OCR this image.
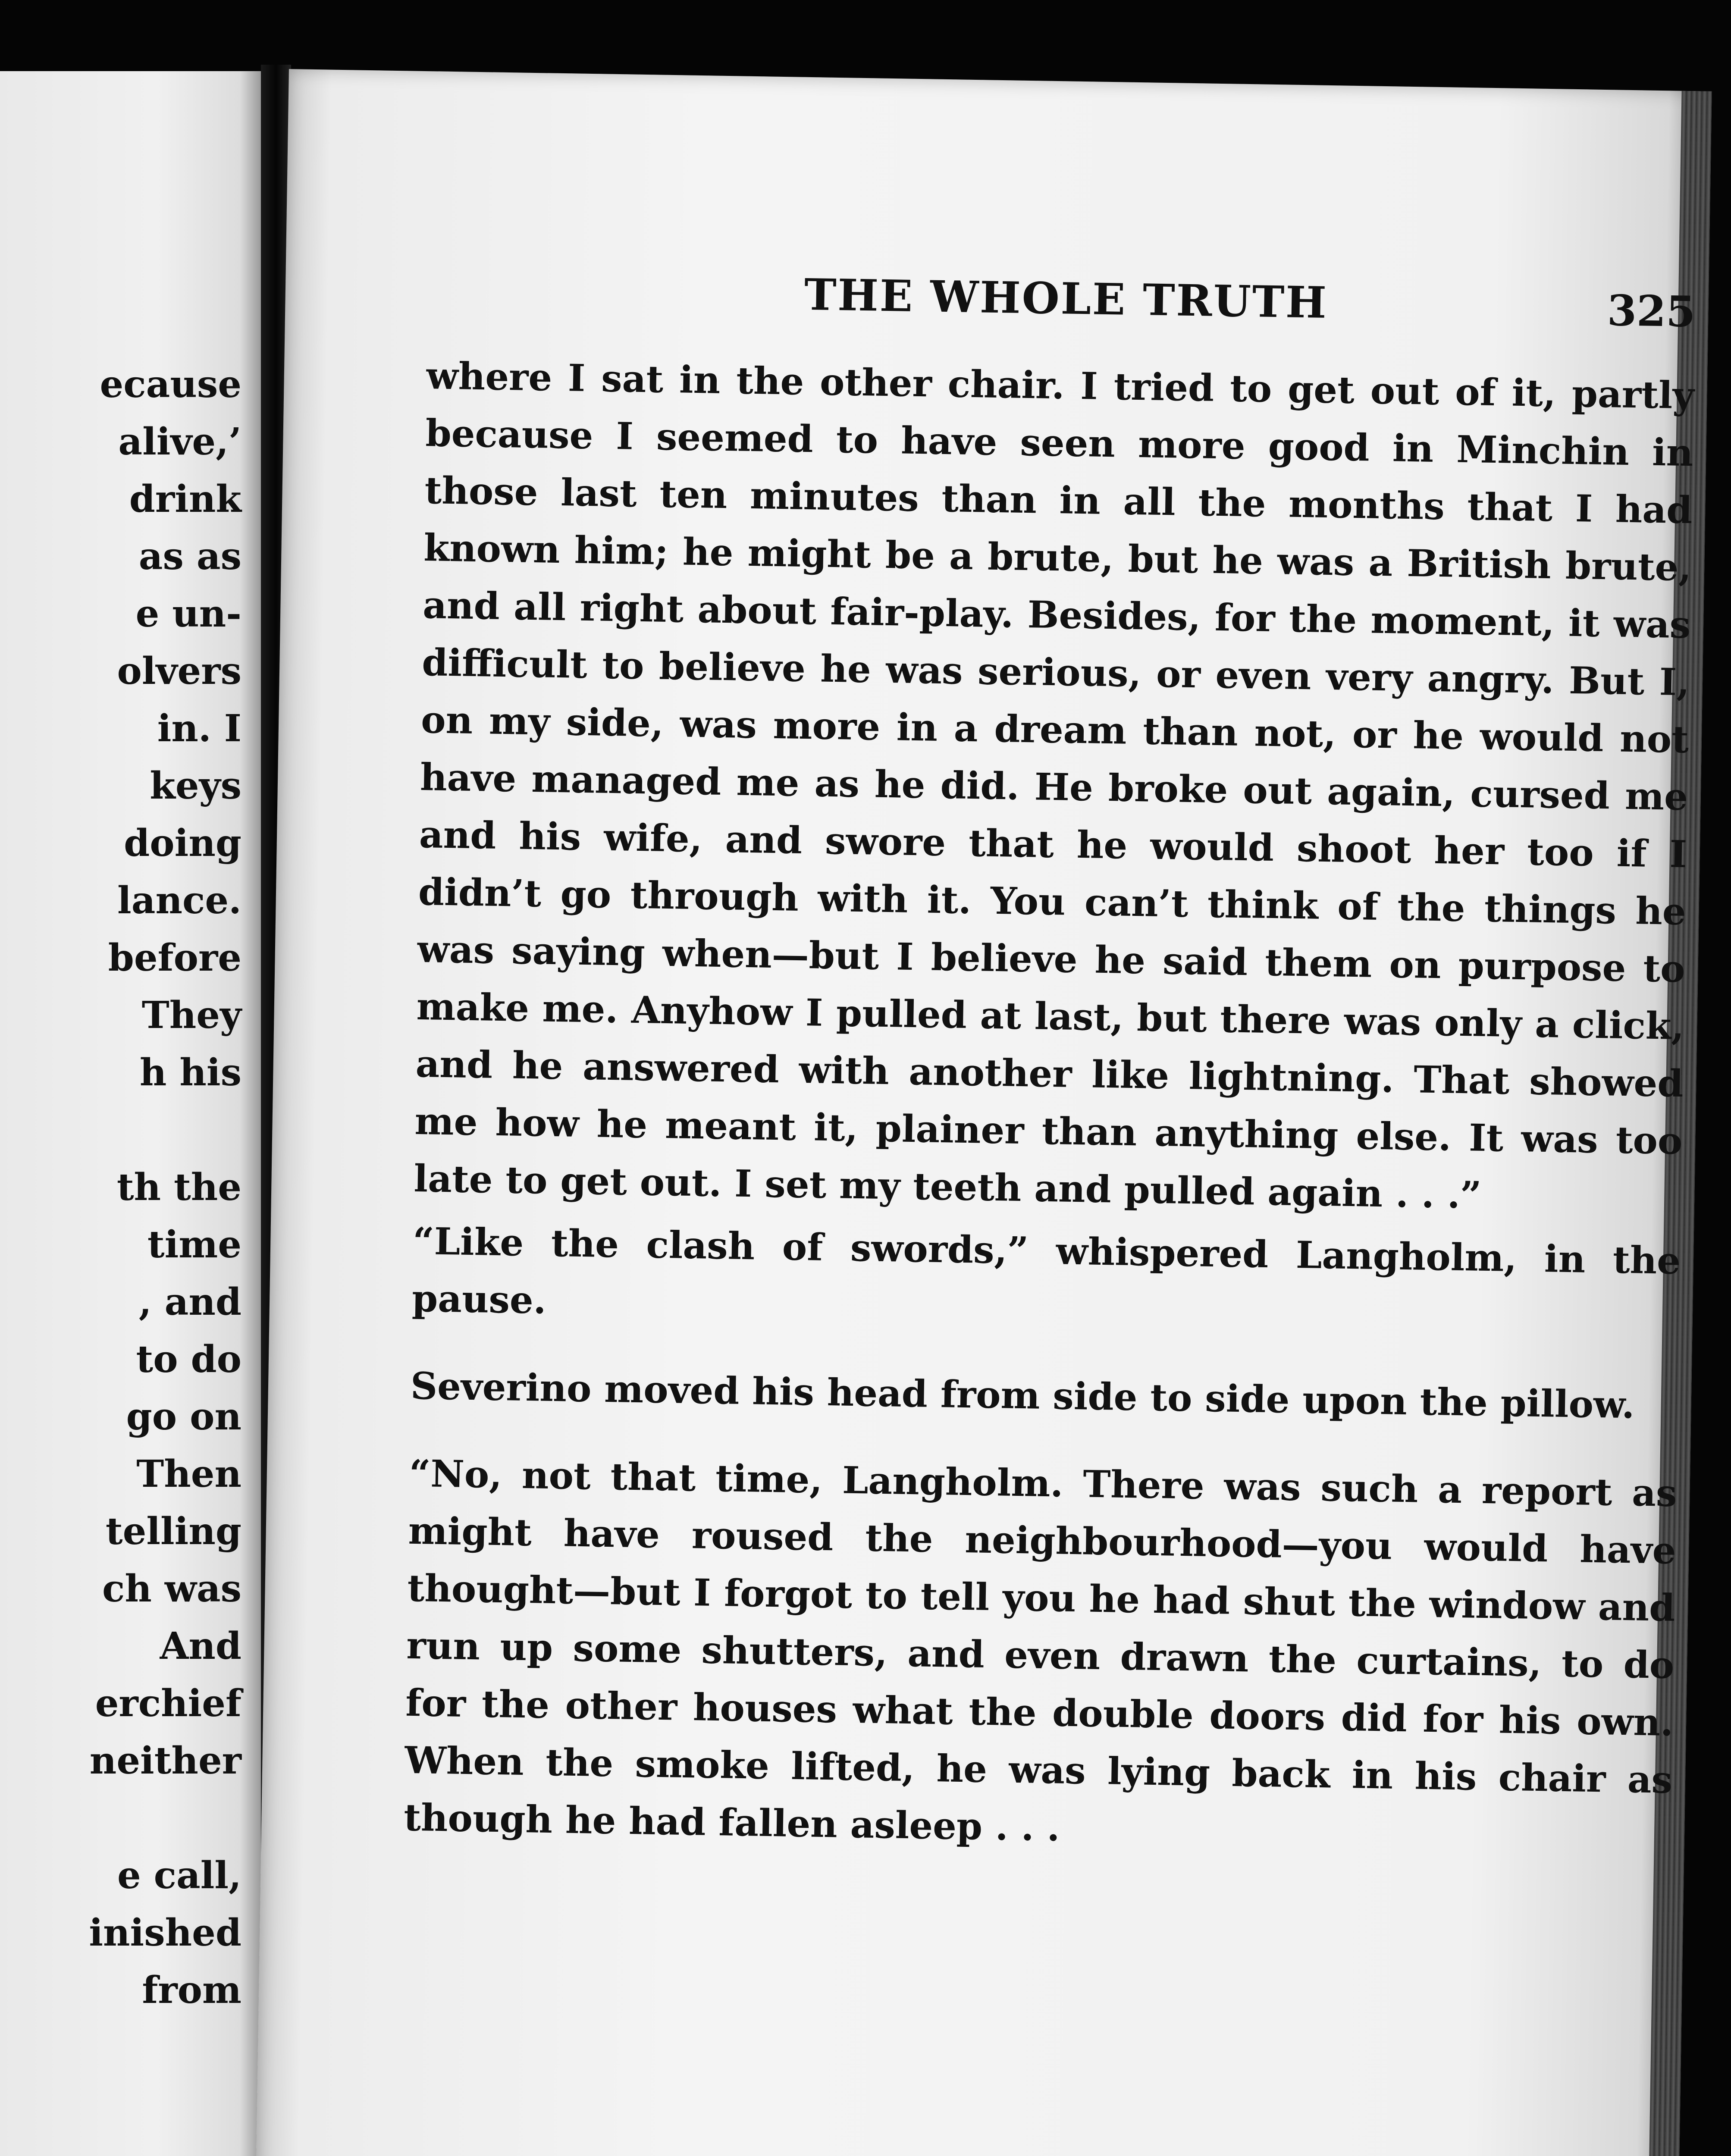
ecause
alive,’
drink
as as
e un-
olvers
in. I
keys
doing
lance.
before
They
h his
th the
time
, and
to do
go on
Then
telling
ch was
And
erchief
neither
e call,
inished
from
THE WHOLE TRUTH	325

where I sat in the other chair. I tried to get out of it, partly because I seemed to have seen more good in Minchin in those last ten minutes than in all the months that I had known him; he might be a brute, but he was a British brute, and all right about fair-play. Besides, for the moment, it was difficult to believe he was serious, or even very angry. But I, on my side, was more in a dream than not, or he would not have managed me as he did. He broke out again, cursed me and his wife, and swore that he would shoot her too if I didn’t go through with it. You can’t think of the things he was saying when—but I believe he said them on purpose to make me. Anyhow I pulled at last, but there was only a click, and he answered with another like lightning. That showed me how he meant it, plainer than anything else. It was too late to get out. I set my teeth and pulled again . . .”

“Like the clash of swords,” whispered Langholm, in the pause.

Severino moved his head from side to side upon the pillow.

“No, not that time, Langholm. There was such a report as might have roused the neighbourhood—you would have thought—but I forgot to tell you he had shut the window and run up some shutters, and even drawn the curtains, to do for the other houses what the double doors did for his own. When the smoke lifted, he was lying back in his chair as though he had fallen asleep . . .
